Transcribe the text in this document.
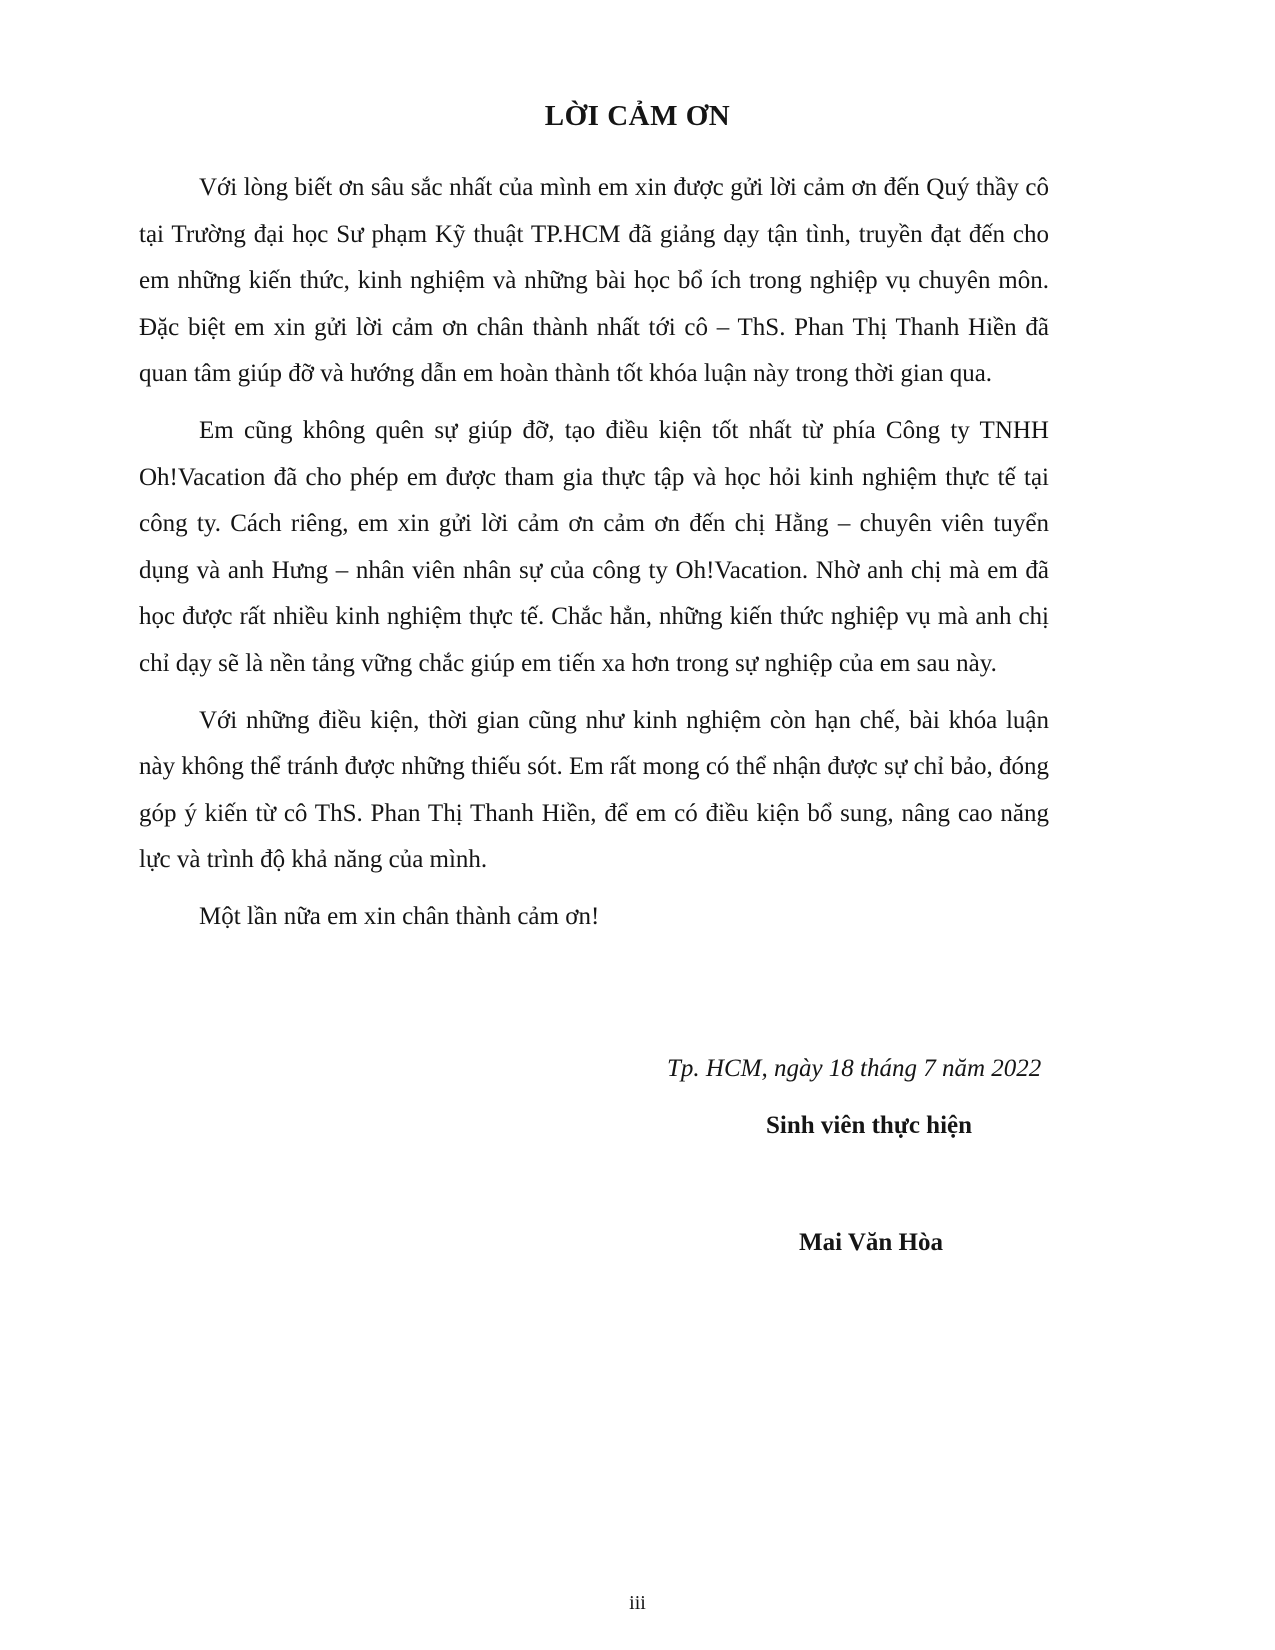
LỜI CẢM ƠN

Với lòng biết ơn sâu sắc nhất của mình em xin được gửi lời cảm ơn đến Quý thầy cô tại Trường đại học Sư phạm Kỹ thuật TP.HCM đã giảng dạy tận tình, truyền đạt đến cho em những kiến thức, kinh nghiệm và những bài học bổ ích trong nghiệp vụ chuyên môn. Đặc biệt em xin gửi lời cảm ơn chân thành nhất tới cô – ThS. Phan Thị Thanh Hiền đã quan tâm giúp đỡ và hướng dẫn em hoàn thành tốt khóa luận này trong thời gian qua.

Em cũng không quên sự giúp đỡ, tạo điều kiện tốt nhất từ phía Công ty TNHH Oh!Vacation đã cho phép em được tham gia thực tập và học hỏi kinh nghiệm thực tế tại công ty. Cách riêng, em xin gửi lời cảm ơn cảm ơn đến chị Hằng – chuyên viên tuyển dụng và anh Hưng – nhân viên nhân sự của công ty Oh!Vacation. Nhờ anh chị mà em đã học được rất nhiều kinh nghiệm thực tế. Chắc hẳn, những kiến thức nghiệp vụ mà anh chị chỉ dạy sẽ là nền tảng vững chắc giúp em tiến xa hơn trong sự nghiệp của em sau này.

Với những điều kiện, thời gian cũng như kinh nghiệm còn hạn chế, bài khóa luận này không thể tránh được những thiếu sót. Em rất mong có thể nhận được sự chỉ bảo, đóng góp ý kiến từ cô ThS. Phan Thị Thanh Hiền, để em có điều kiện bổ sung, nâng cao năng lực và trình độ khả năng của mình.

Một lần nữa em xin chân thành cảm ơn!

Tp. HCM, ngày 18 tháng 7 năm 2022
Sinh viên thực hiện
Mai Văn Hòa
iii
